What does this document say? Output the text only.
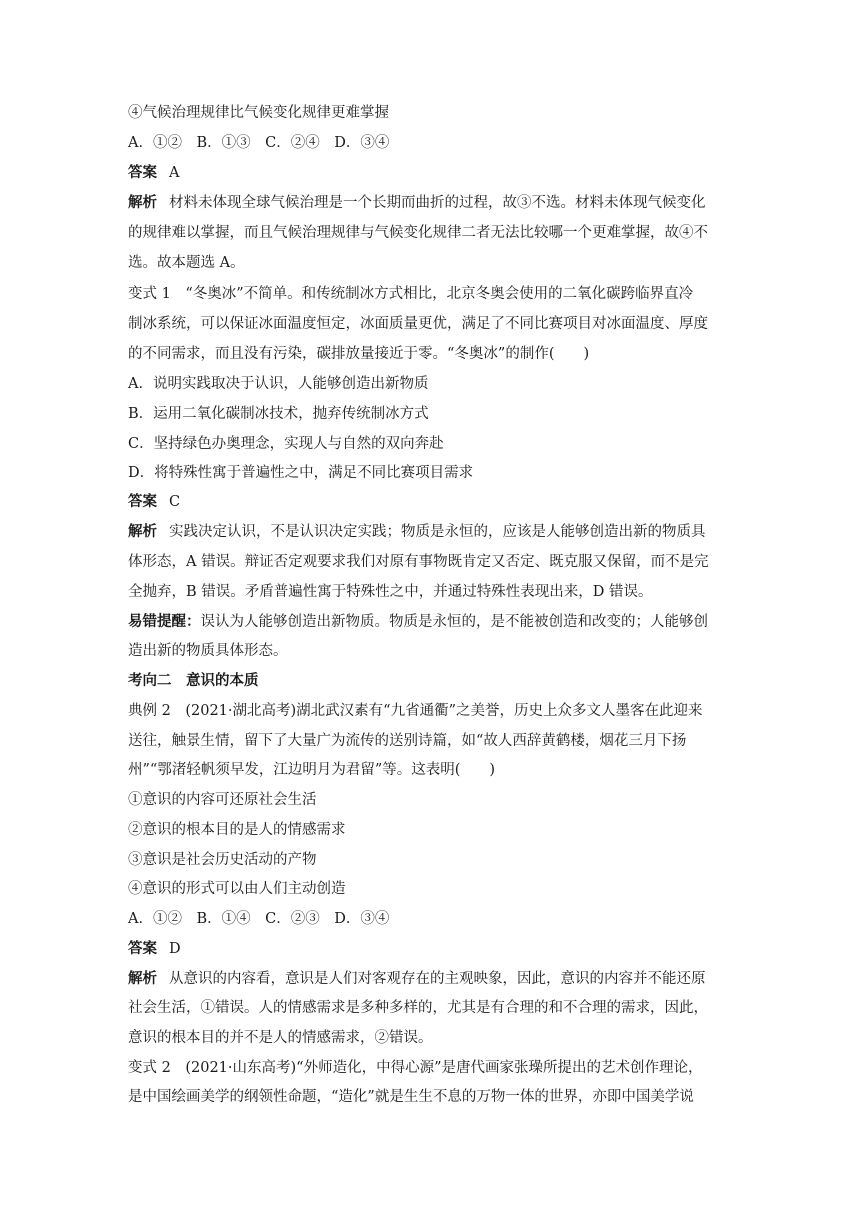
④气候治理规律比气候变化规律更难掌握
A．①②　B．①③　C．②④　D．③④
答案 A
解析 材料未体现全球气候治理是一个长期而曲折的过程，故③不选。材料未体现气候变化
的规律难以掌握，而且气候治理规律与气候变化规律二者无法比较哪一个更难掌握，故④不
选。故本题选 A。
变式 1　“冬奥冰”不简单。和传统制冰方式相比，北京冬奥会使用的二氧化碳跨临界直冷
制冰系统，可以保证冰面温度恒定，冰面质量更优，满足了不同比赛项目对冰面温度、厚度
的不同需求，而且没有污染，碳排放量接近于零。“冬奥冰”的制作(　　)
A．说明实践取决于认识，人能够创造出新物质
B．运用二氧化碳制冰技术，抛弃传统制冰方式
C．坚持绿色办奥理念，实现人与自然的双向奔赴
D．将特殊性寓于普遍性之中，满足不同比赛项目需求
答案 C
解析 实践决定认识，不是认识决定实践；物质是永恒的，应该是人能够创造出新的物质具
体形态，A 错误。辩证否定观要求我们对原有事物既肯定又否定、既克服又保留，而不是完
全抛弃，B 错误。矛盾普遍性寓于特殊性之中，并通过特殊性表现出来，D 错误。
易错提醒：误认为人能够创造出新物质。物质是永恒的，是不能被创造和改变的；人能够创
造出新的物质具体形态。
考向二　意识的本质
典例 2　(2021·湖北高考)湖北武汉素有“九省通衢”之美誉，历史上众多文人墨客在此迎来
送往，触景生情，留下了大量广为流传的送别诗篇，如“故人西辞黄鹤楼，烟花三月下扬
州”“鄂渚轻帆须早发，江边明月为君留”等。这表明(　　)
①意识的内容可还原社会生活
②意识的根本目的是人的情感需求
③意识是社会历史活动的产物
④意识的形式可以由人们主动创造
A．①②　B．①④　C．②③　D．③④
答案 D
解析 从意识的内容看，意识是人们对客观存在的主观映象，因此，意识的内容并不能还原
社会生活，①错误。人的情感需求是多种多样的，尤其是有合理的和不合理的需求，因此，
意识的根本目的并不是人的情感需求，②错误。
变式 2　(2021·山东高考)“外师造化，中得心源”是唐代画家张璪所提出的艺术创作理论，
是中国绘画美学的纲领性命题，“造化”就是生生不息的万物一体的世界，亦即中国美学说
